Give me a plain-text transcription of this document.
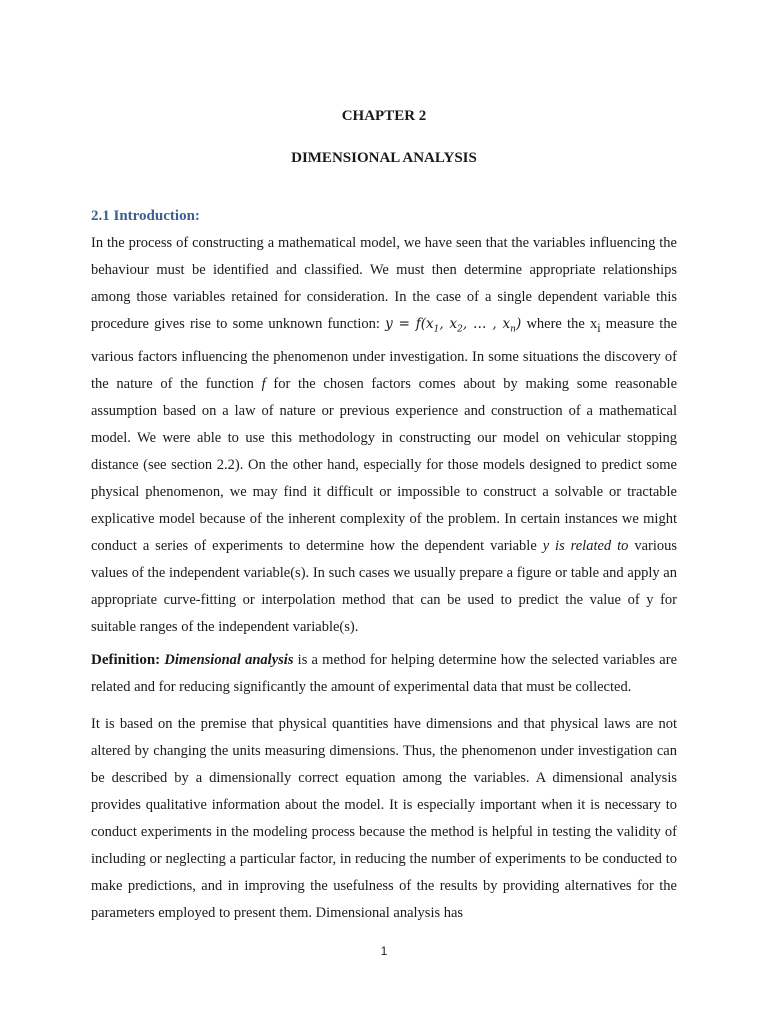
CHAPTER 2
DIMENSIONAL ANALYSIS
2.1 Introduction:

In the process of constructing a mathematical model, we have seen that the variables influencing the behaviour must be identified and classified. We must then determine appropriate relationships among those variables retained for consideration. In the case of a single dependent variable this procedure gives rise to some unknown function: $y = f(x_1$, $x_2$, … , $x_n$) where the $x_i$ measure the various factors influencing the phenomenon under investigation. In some situations the discovery of the nature of the function f for the chosen factors comes about by making some reasonable assumption based on a law of nature or previous experience and construction of a mathematical model. We were able to use this methodology in constructing our model on vehicular stopping distance (see section 2.2). On the other hand, especially for those models designed to predict some physical phenomenon, we may find it difficult or impossible to construct a solvable or tractable explicative model because of the inherent complexity of the problem. In certain instances we might conduct a series of experiments to determine how the dependent variable y is related to various values of the independent variable(s). In such cases we usually prepare a figure or table and apply an appropriate curve-fitting or interpolation method that can be used to predict the value of y for suitable ranges of the independent variable(s).

Definition: Dimensional analysis is a method for helping determine how the selected variables are related and for reducing significantly the amount of experimental data that must be collected.

It is based on the premise that physical quantities have dimensions and that physical laws are not altered by changing the units measuring dimensions. Thus, the phenomenon under investigation can be described by a dimensionally correct equation among the variables. A dimensional analysis provides qualitative information about the model. It is especially important when it is necessary to conduct experiments in the modeling process because the method is helpful in testing the validity of including or neglecting a particular factor, in reducing the number of experiments to be conducted to make predictions, and in improving the usefulness of the results by providing alternatives for the parameters employed to present them. Dimensional analysis has

1
